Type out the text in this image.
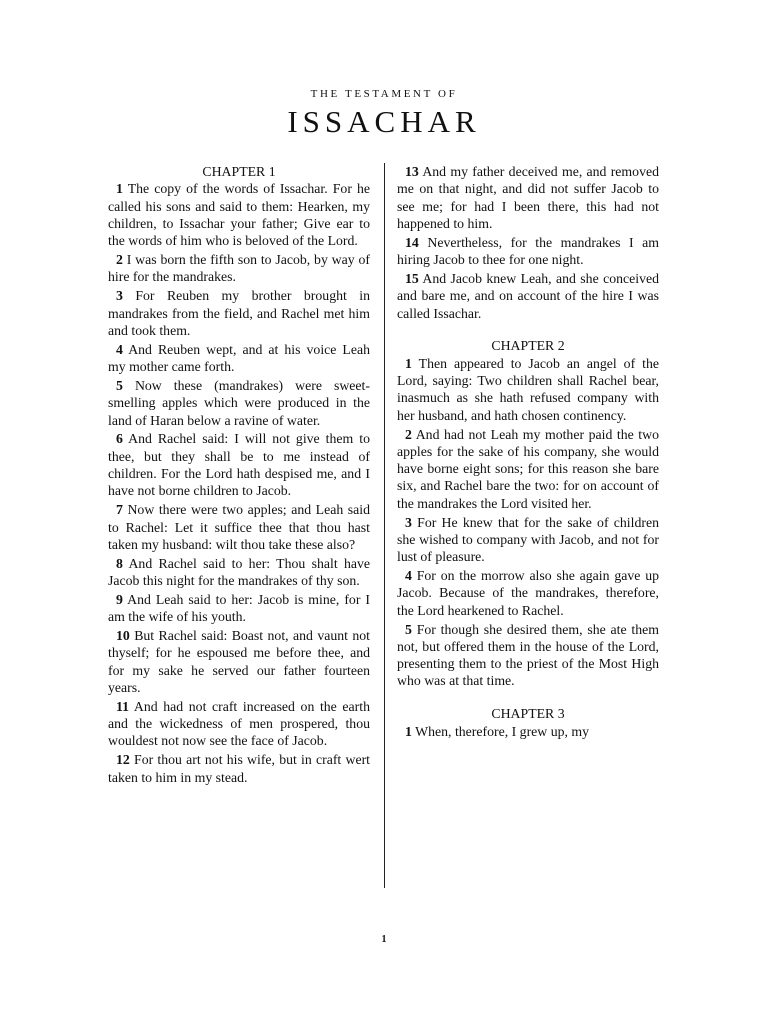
THE TESTAMENT OF
ISSACHAR

CHAPTER 1

1 The copy of the words of Issachar. For he called his sons and said to them: Hearken, my children, to Issachar your father; Give ear to the words of him who is beloved of the Lord.

2 I was born the fifth son to Jacob, by way of hire for the mandrakes.

3 For Reuben my brother brought in mandrakes from the field, and Rachel met him and took them.

4 And Reuben wept, and at his voice Leah my mother came forth.

5 Now these (mandrakes) were sweet-smelling apples which were produced in the land of Haran below a ravine of water.

6 And Rachel said: I will not give them to thee, but they shall be to me instead of children. For the Lord hath despised me, and I have not borne children to Jacob.

7 Now there were two apples; and Leah said to Rachel: Let it suffice thee that thou hast taken my husband: wilt thou take these also?

8 And Rachel said to her: Thou shalt have Jacob this night for the mandrakes of thy son.

9 And Leah said to her: Jacob is mine, for I am the wife of his youth.

10 But Rachel said: Boast not, and vaunt not thyself; for he espoused me before thee, and for my sake he served our father fourteen years.

11 And had not craft increased on the earth and the wickedness of men prospered, thou wouldest not now see the face of Jacob.

12 For thou art not his wife, but in craft wert taken to him in my stead.

13 And my father deceived me, and removed me on that night, and did not suffer Jacob to see me; for had I been there, this had not happened to him.

14 Nevertheless, for the mandrakes I am hiring Jacob to thee for one night.

15 And Jacob knew Leah, and she conceived and bare me, and on account of the hire I was called Issachar.

CHAPTER 2

1 Then appeared to Jacob an angel of the Lord, saying: Two children shall Rachel bear, inasmuch as she hath refused company with her husband, and hath chosen continency.

2 And had not Leah my mother paid the two apples for the sake of his company, she would have borne eight sons; for this reason she bare six, and Rachel bare the two: for on account of the mandrakes the Lord visited her.

3 For He knew that for the sake of children she wished to company with Jacob, and not for lust of pleasure.

4 For on the morrow also she again gave up Jacob. Because of the mandrakes, therefore, the Lord hearkened to Rachel.

5 For though she desired them, she ate them not, but offered them in the house of the Lord, presenting them to the priest of the Most High who was at that time.

CHAPTER 3

1 When, therefore, I grew up, my

1
